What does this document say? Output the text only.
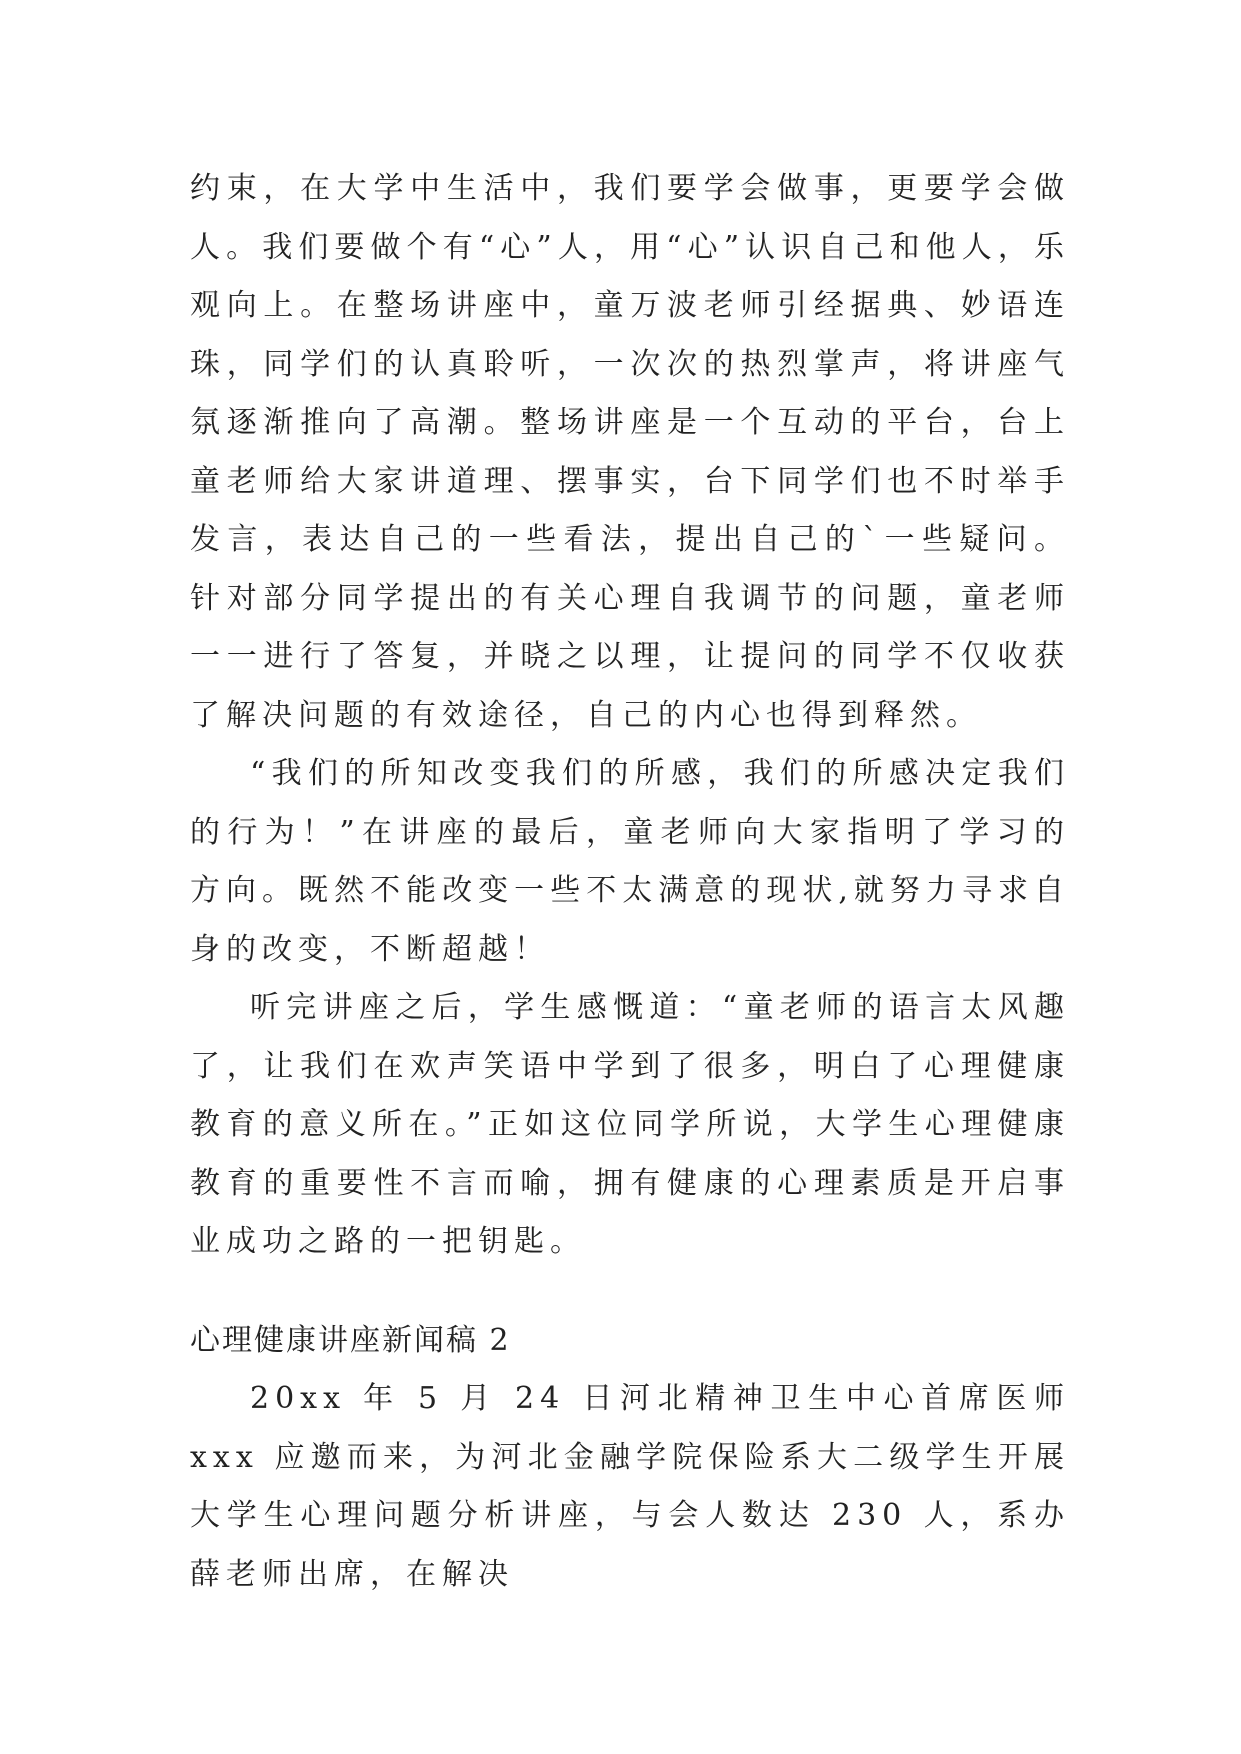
约束，在大学中生活中，我们要学会做事，更要学会做人。我们要做个有“心”人，用“心”认识自己和他人，乐观向上。在整场讲座中，童万波老师引经据典、妙语连珠，同学们的认真聆听，一次次的热烈掌声，将讲座气氛逐渐推向了高潮。整场讲座是一个互动的平台，台上童老师给大家讲道理、摆事实，台下同学们也不时举手发言，表达自己的一些看法，提出自己的`一些疑问。针对部分同学提出的有关心理自我调节的问题，童老师一一进行了答复，并晓之以理，让提问的同学不仅收获了解决问题的有效途径，自己的内心也得到释然。

“我们的所知改变我们的所感，我们的所感决定我们的行为！”在讲座的最后，童老师向大家指明了学习的方向。既然不能改变一些不太满意的现状,就努力寻求自身的改变，不断超越！

听完讲座之后，学生感慨道：“童老师的语言太风趣了，让我们在欢声笑语中学到了很多，明白了心理健康教育的意义所在。”正如这位同学所说，大学生心理健康教育的重要性不言而喻，拥有健康的心理素质是开启事业成功之路的一把钥匙。

心理健康讲座新闻稿 2

20xx 年 5 月 24 日河北精神卫生中心首席医师 xxx 应邀而来，为河北金融学院保险系大二级学生开展大学生心理问题分析讲座，与会人数达 230 人，系办薛老师出席，在解决
